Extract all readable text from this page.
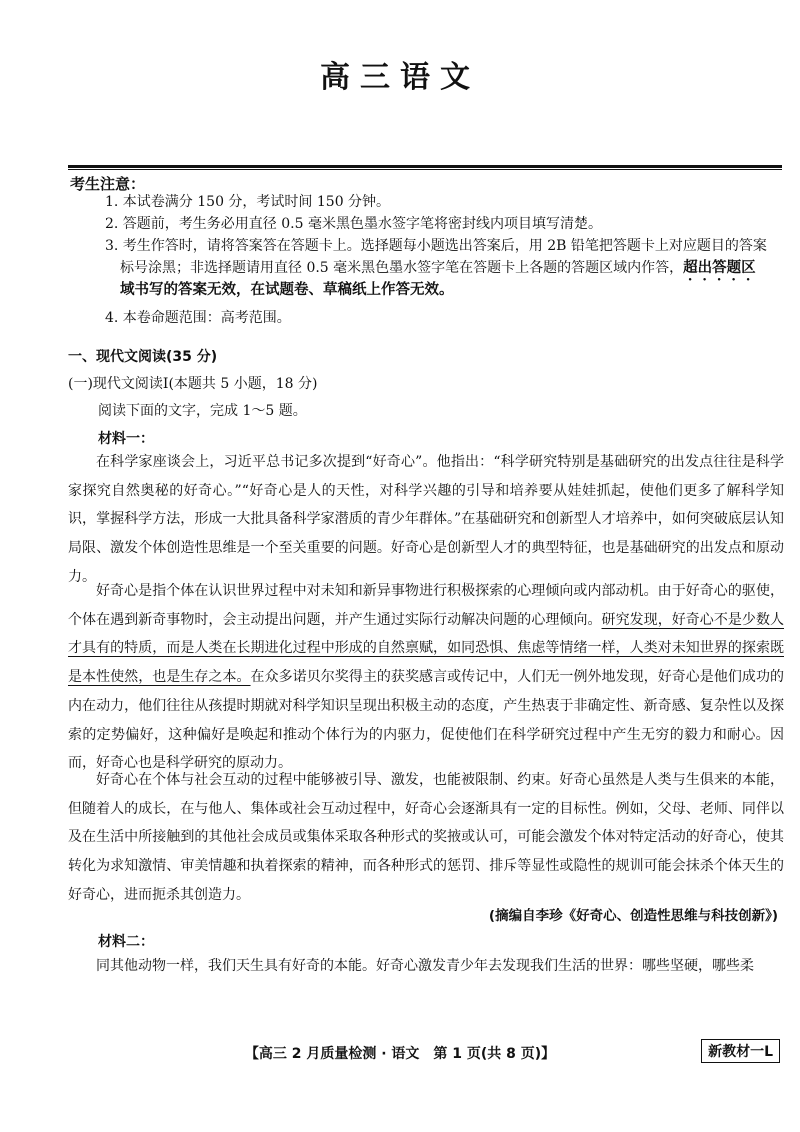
高三语文
考生注意：
1. 本试卷满分 150 分，考试时间 150 分钟。
2. 答题前，考生务必用直径 0.5 毫米黑色墨水签字笔将密封线内项目填写清楚。
3. 考生作答时，请将答案答在答题卡上。选择题每小题选出答案后，用 2B 铅笔把答题卡上对应题目的答案
标号涂黑；非选择题请用直径 0.5 毫米黑色墨水签字笔在答题卡上各题的答题区域内作答，超出答题区
域书写的答案无效，在试题卷、草稿纸上作答无效。
4. 本卷命题范围：高考范围。
一、现代文阅读(35 分)
(一)现代文阅读Ⅰ(本题共 5 小题，18 分)
阅读下面的文字，完成 1～5 题。
材料一：
在科学家座谈会上，习近平总书记多次提到“好奇心”。他指出：“科学研究特别是基础研究的出发点往往是科学家探究自然奥秘的好奇心。”“好奇心是人的天性，对科学兴趣的引导和培养要从娃娃抓起，使他们更多了解科学知识，掌握科学方法，形成一大批具备科学家潜质的青少年群体。”在基础研究和创新型人才培养中，如何突破底层认知局限、激发个体创造性思维是一个至关重要的问题。好奇心是创新型人才的典型特征，也是基础研究的出发点和原动力。
好奇心是指个体在认识世界过程中对未知和新异事物进行积极探索的心理倾向或内部动机。由于好奇心的驱使，个体在遇到新奇事物时，会主动提出问题，并产生通过实际行动解决问题的心理倾向。研究发现，好奇心不是少数人才具有的特质，而是人类在长期进化过程中形成的自然禀赋，如同恐惧、焦虑等情绪一样，人类对未知世界的探索既是本性使然，也是生存之本。在众多诺贝尔奖得主的获奖感言或传记中，人们无一例外地发现，好奇心是他们成功的内在动力，他们往往从孩提时期就对科学知识呈现出积极主动的态度，产生热衷于非确定性、新奇感、复杂性以及探索的定势偏好，这种偏好是唤起和推动个体行为的内驱力，促使他们在科学研究过程中产生无穷的毅力和耐心。因而，好奇心也是科学研究的原动力。
好奇心在个体与社会互动的过程中能够被引导、激发，也能被限制、约束。好奇心虽然是人类与生俱来的本能，但随着人的成长，在与他人、集体或社会互动过程中，好奇心会逐渐具有一定的目标性。例如，父母、老师、同伴以及在生活中所接触到的其他社会成员或集体采取各种形式的奖掖或认可，可能会激发个体对特定活动的好奇心，使其转化为求知激情、审美情趣和执着探索的精神，而各种形式的惩罚、排斥等显性或隐性的规训可能会抹杀个体天生的好奇心，进而扼杀其创造力。
(摘编自李珍《好奇心、创造性思维与科技创新》)
材料二：
同其他动物一样，我们天生具有好奇的本能。好奇心激发青少年去发现我们生活的世界：哪些坚硬，哪些柔
【高三 2 月质量检测 · 语文　第 1 页(共 8 页)】	新教材一L
